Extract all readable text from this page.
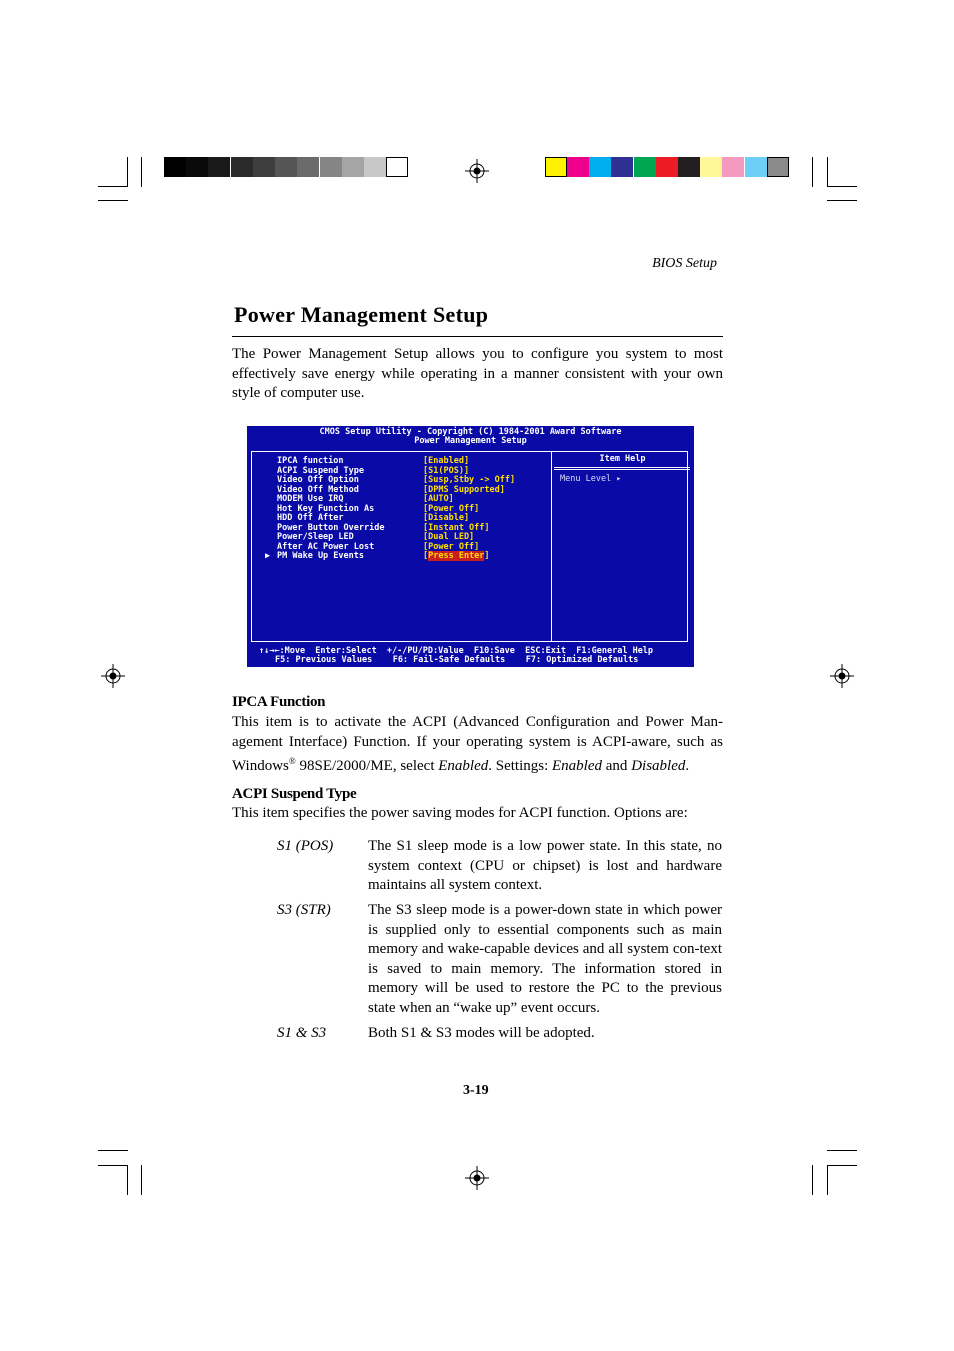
BIOS Setup
Power Management Setup
The Power Management Setup allows you to configure you system to most effectively save energy while operating in a manner consistent with your own style of computer use.
CMOS Setup Utility - Copyright (C) 1984-2001 Award Software
Power Management Setup
IPCA function	[Enabled]
ACPI Suspend Type	[S1(POS)]
Video Off Option	[Susp,Stby -> Off]
Video Off Method	[DPMS Supported]
MODEM Use IRQ	[AUTO]
Hot Key Function As	[Power Off]
HDD Off After	[Disable]
Power Button Override	[Instant Off]
Power/Sleep LED	[Dual LED]
After AC Power Lost	[Power Off]
▶ PM Wake Up Events	[Press Enter]
Item Help
Menu Level ▸
↑↓→←:Move  Enter:Select  +/-/PU/PD:Value  F10:Save  ESC:Exit  F1:General Help
F5: Previous Values    F6: Fail-Safe Defaults    F7: Optimized Defaults
IPCA Function
This item is to activate the ACPI (Advanced Configuration and Power Man-agement Interface) Function. If your operating system is ACPI-aware, such as Windows® 98SE/2000/ME, select Enabled. Settings: Enabled and Disabled.
ACPI Suspend Type
This item specifies the power saving modes for ACPI function. Options are:
S1 (POS) The S1 sleep mode is a low power state. In this state, no system context (CPU or chipset) is lost and hardware maintains all system context.
S3 (STR) The S3 sleep mode is a power-down state in which power is supplied only to essential components such as main memory and wake-capable devices and all system con-text is saved to main memory. The information stored in memory will be used to restore the PC to the previous state when an “wake up” event occurs.
S1 & S3	Both S1 & S3 modes will be adopted.
3-19
